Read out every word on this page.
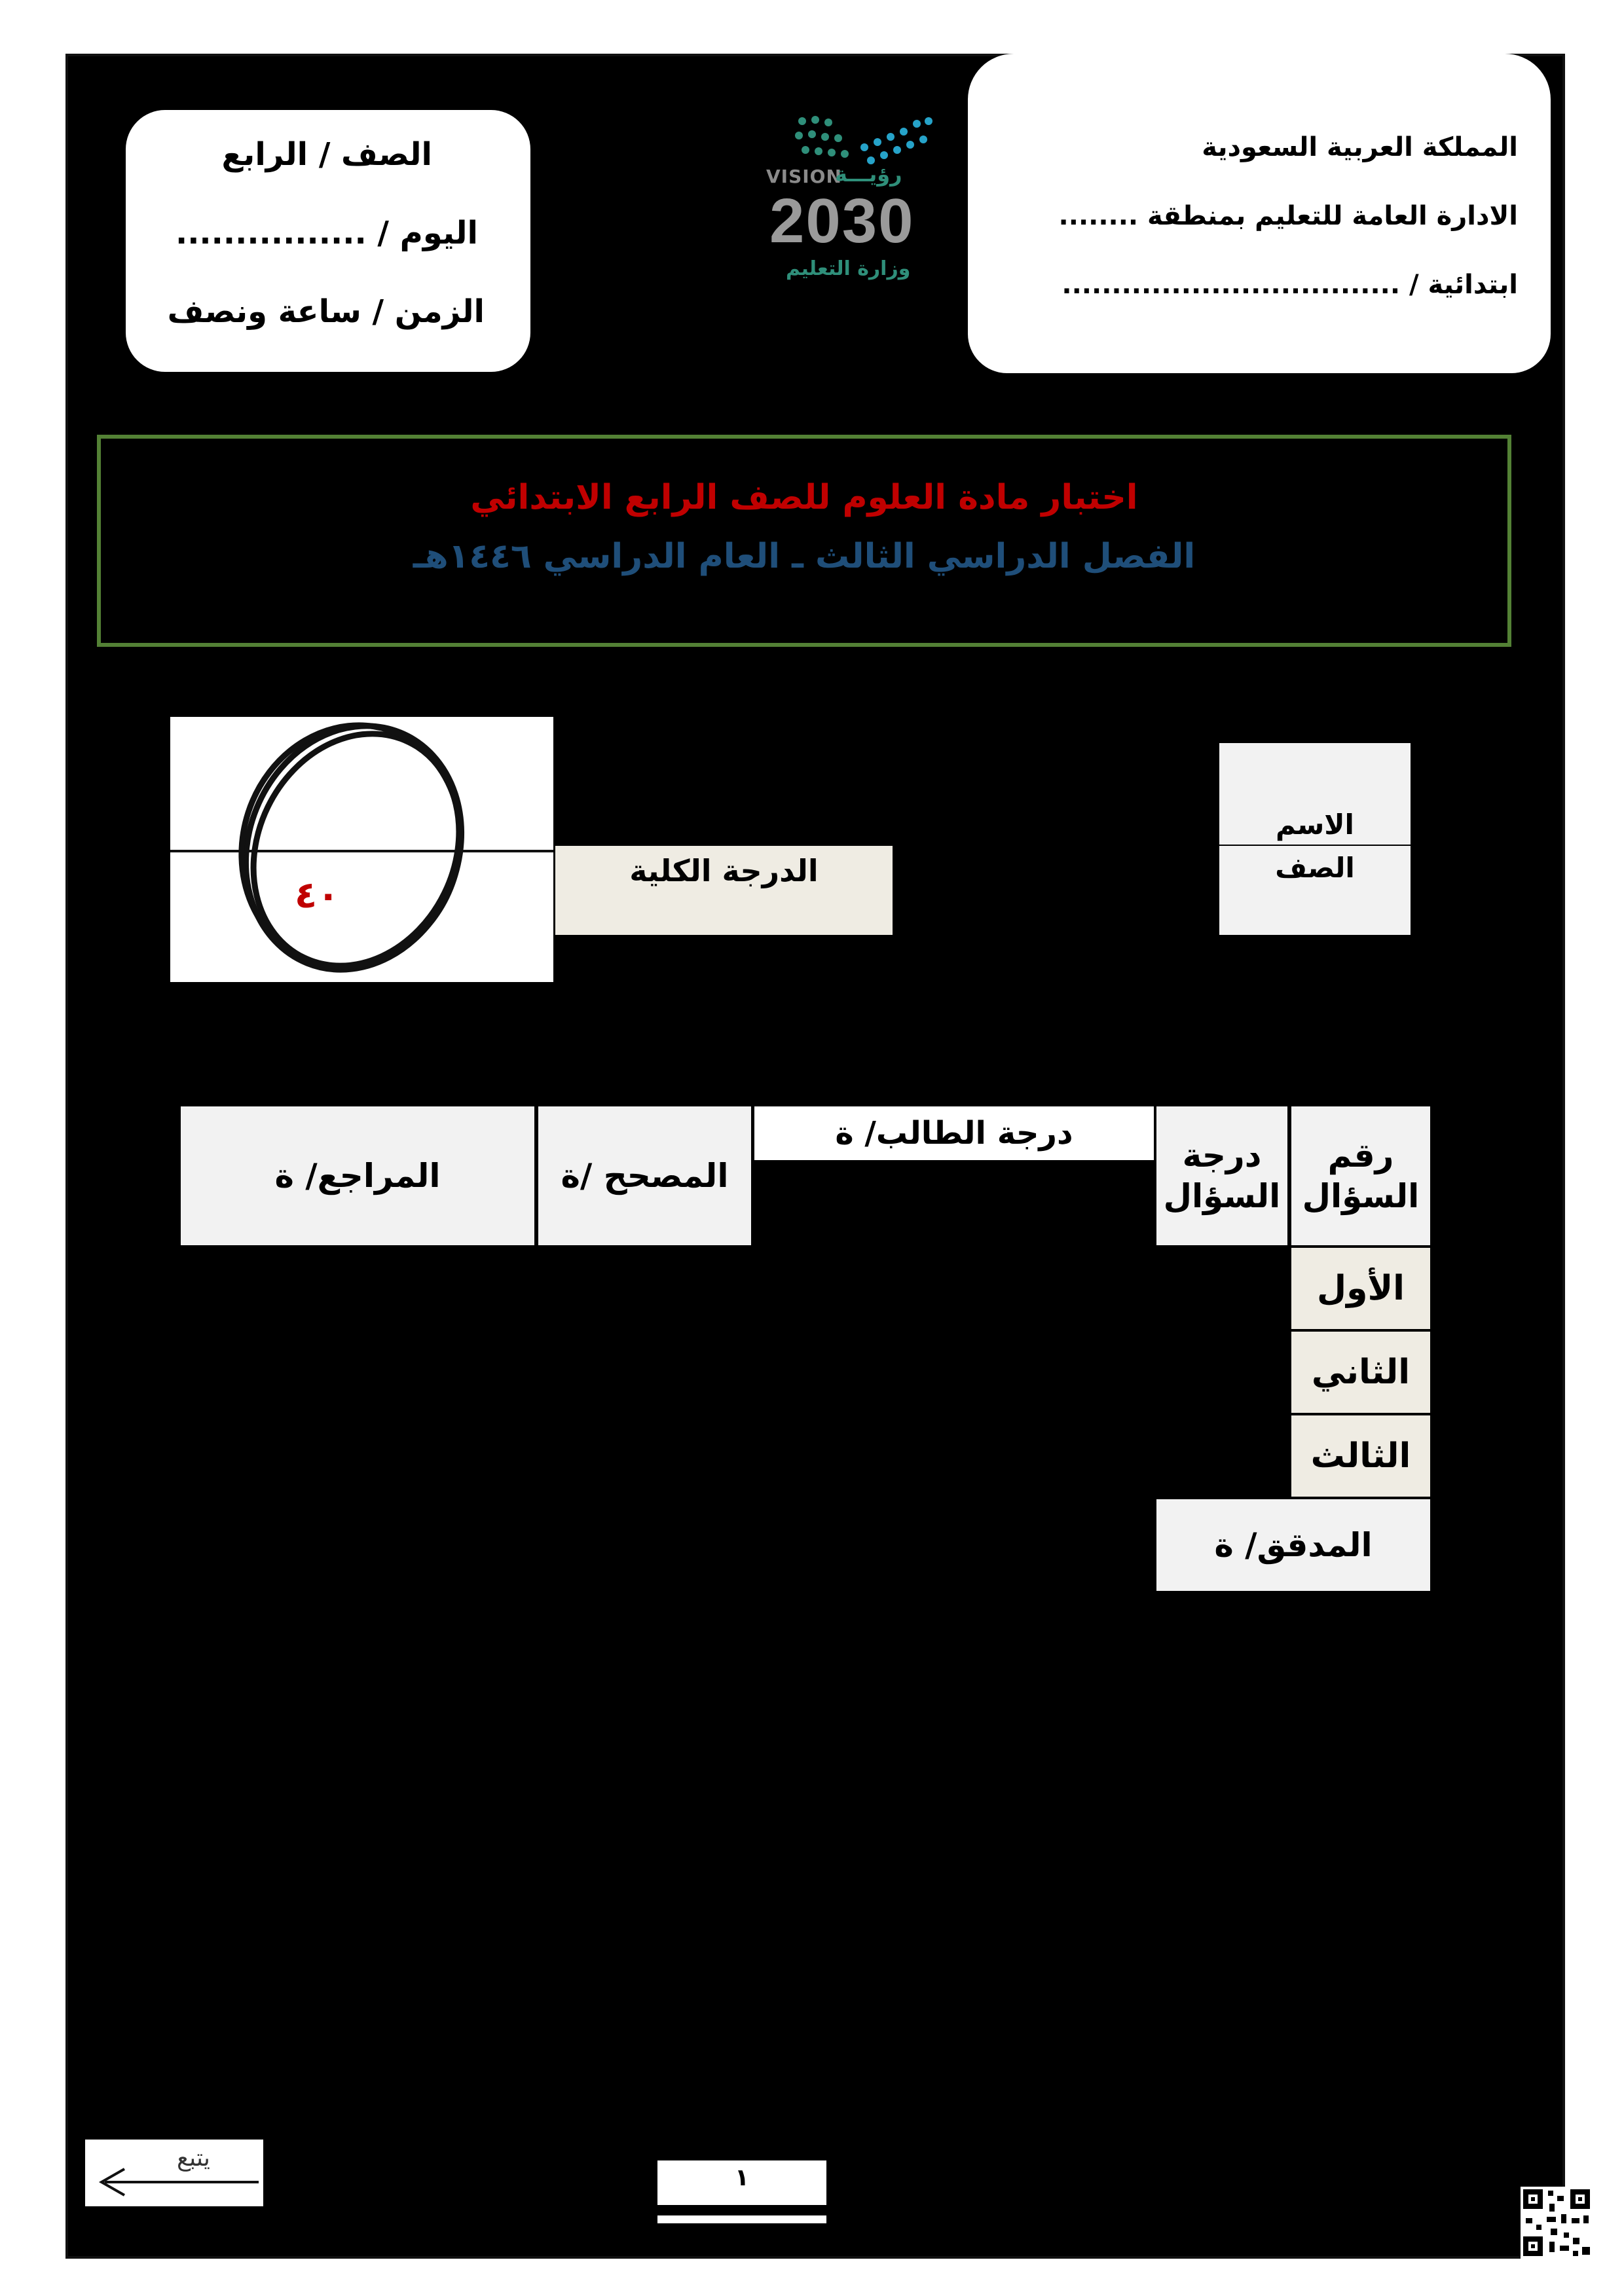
المملكة العربية السعودية
الادارة العامة للتعليم بمنطقة ........
ابتدائية / ..................................
VISION
رؤيـــة
2030
وزارة التعليم
الصف / الرابع
اليوم / ................
الزمن / ساعة ونصف
اختبار مادة العلوم للصف الرابع الابتدائي
الفصل الدراسي الثالث ـ العام الدراسي ١٤٤٦هـ
٤٠
الدرجة الكلية
الاسم
الصف
المراجع/ ة	المصحح /ة
درجة الطالب/ ة
درجة السؤال
رقم السؤال
الأول
الثاني
الثالث
المدقق/ ة
يتبع
١
